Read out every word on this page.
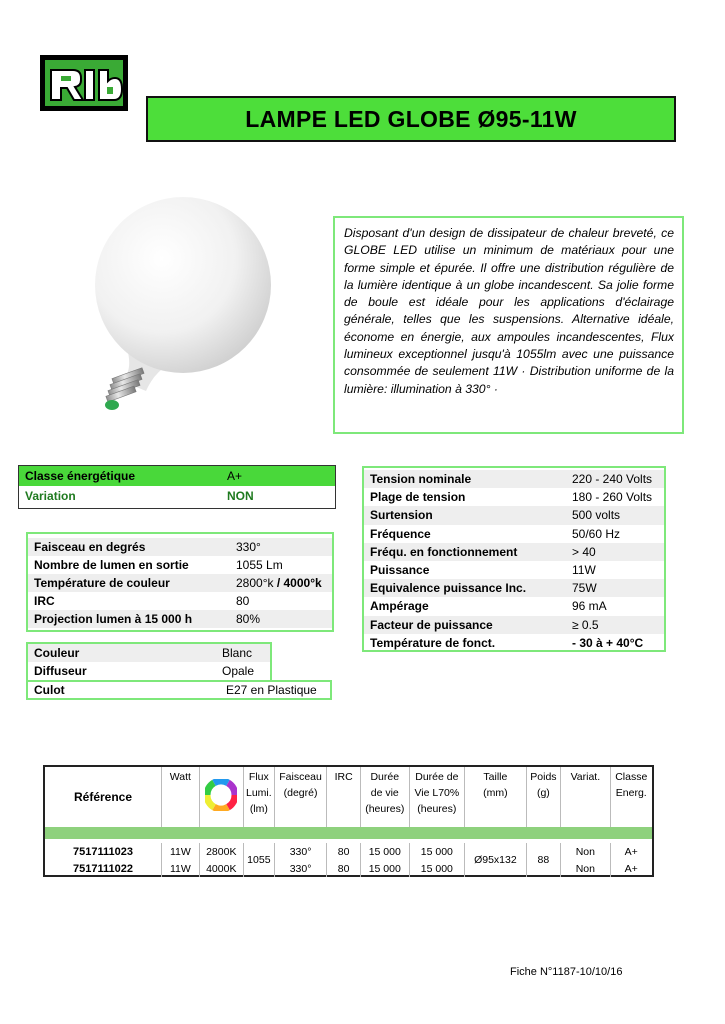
LAMPE LED GLOBE Ø95-11W

Disposant d'un design de dissipateur de chaleur breveté, ce GLOBE LED utilise un minimum de matériaux pour une forme simple et épurée. Il offre une distribution régulière de la lumière identique à un globe incandescent. Sa jolie forme de boule est idéale pour les applications d'éclairage générale, telles que les suspensions. Alternative idéale, économe en énergie, aux ampoules incandescentes, Flux lumineux exceptionnel jusqu'à 1055lm avec une puissance consommée de seulement 11W · Distribution uniforme de la lumière: illumination à 330° ·

Classe énergétique	A+
Variation	NON
Faisceau en degrés	330°
Nombre de lumen en sortie	1055 Lm
Température de couleur	2800°k / 4000°k
IRC	80
Projection lumen à 15 000 h	80%
Couleur	Blanc
Diffuseur	Opale
Culot	E27 en Plastique
Tension nominale	220 - 240 Volts
Plage de tension	180 - 260 Volts
Surtension	500 volts
Fréquence	50/60 Hz
Fréqu. en fonctionnement	> 40
Puissance	11W
Equivalence puissance Inc.	75W
Ampérage	96 mA
Facteur de puissance	≥ 0.5
Température de fonct.	- 30 à + 40°C
Référence	Watt		Flux
Lumi.
(lm)	Faisceau
(degré)	IRC	Durée
de vie
(heures)	Durée de
Vie L70%
(heures)	Taille
(mm)	Poids
(g)	Variat.	Classe
Energ.

7517111023	11W	2800K	1055	330°	80	15 000	15 000	Ø95x132	88	Non	A+
7517111022	11W	4000K		330°	80	15 000	15 000			Non	A+
Fiche N°1187-10/10/16
